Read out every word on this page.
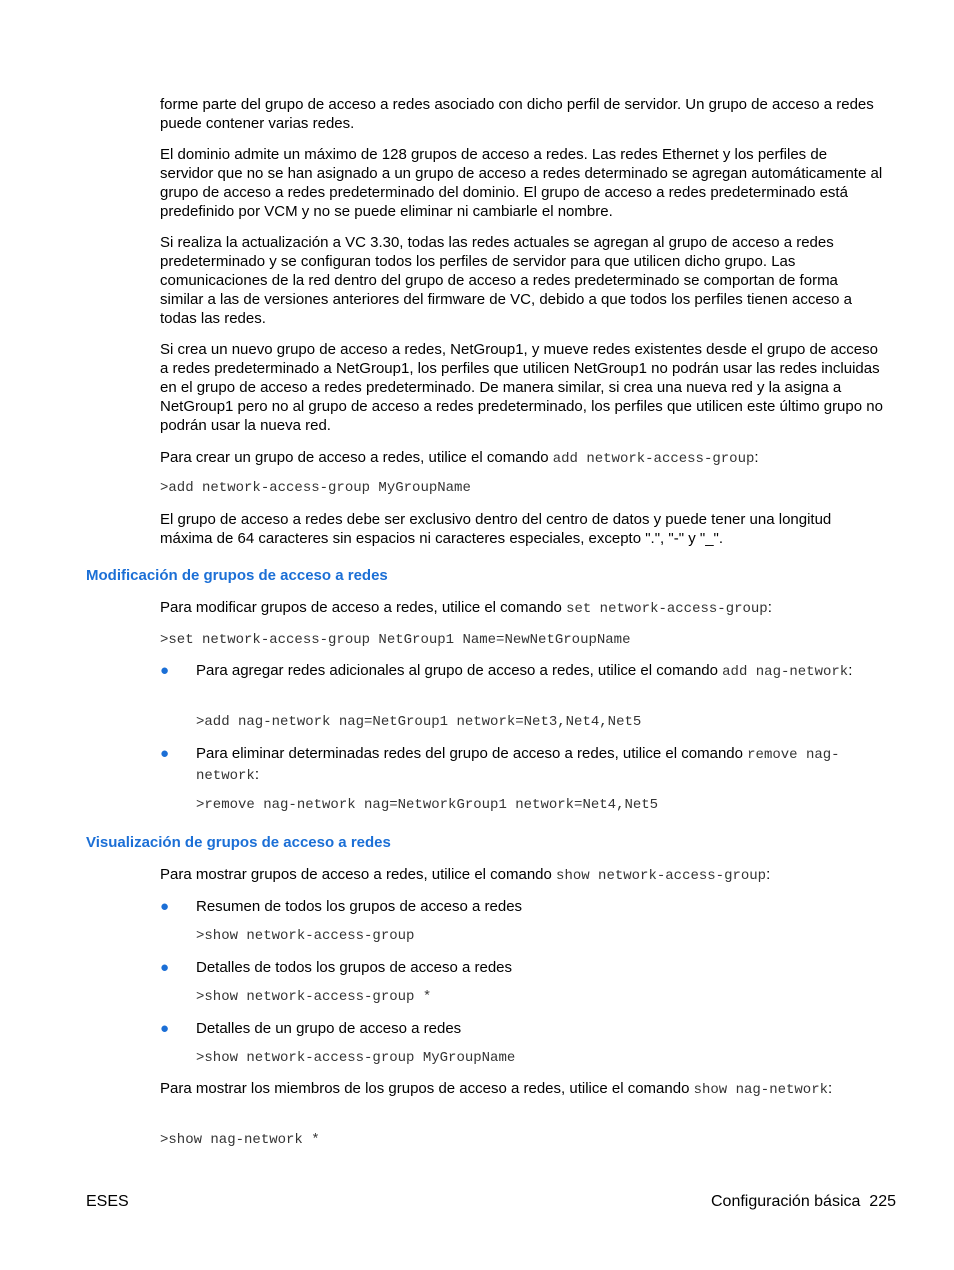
forme parte del grupo de acceso a redes asociado con dicho perfil de servidor. Un grupo de acceso a redes puede contener varias redes.

El dominio admite un máximo de 128 grupos de acceso a redes. Las redes Ethernet y los perfiles de servidor que no se han asignado a un grupo de acceso a redes determinado se agregan automáticamente al grupo de acceso a redes predeterminado del dominio. El grupo de acceso a redes predeterminado está predefinido por VCM y no se puede eliminar ni cambiarle el nombre.

Si realiza la actualización a VC 3.30, todas las redes actuales se agregan al grupo de acceso a redes predeterminado y se configuran todos los perfiles de servidor para que utilicen dicho grupo. Las comunicaciones de la red dentro del grupo de acceso a redes predeterminado se comportan de forma similar a las de versiones anteriores del firmware de VC, debido a que todos los perfiles tienen acceso a todas las redes.

Si crea un nuevo grupo de acceso a redes, NetGroup1, y mueve redes existentes desde el grupo de acceso a redes predeterminado a NetGroup1, los perfiles que utilicen NetGroup1 no podrán usar las redes incluidas en el grupo de acceso a redes predeterminado. De manera similar, si crea una nueva red y la asigna a NetGroup1 pero no al grupo de acceso a redes predeterminado, los perfiles que utilicen este último grupo no podrán usar la nueva red.

Para crear un grupo de acceso a redes, utilice el comando add network-access-group:

>add network-access-group MyGroupName

El grupo de acceso a redes debe ser exclusivo dentro del centro de datos y puede tener una longitud máxima de 64 caracteres sin espacios ni caracteres especiales, excepto ".", "-" y "_".

Modificación de grupos de acceso a redes

Para modificar grupos de acceso a redes, utilice el comando set network-access-group:

>set network-access-group NetGroup1 Name=NewNetGroupName
●	Para agregar redes adicionales al grupo de acceso a redes, utilice el comando add nag-network:

>add nag-network nag=NetGroup1 network=Net3,Net4,Net5
●	Para eliminar determinadas redes del grupo de acceso a redes, utilice el comando remove nag-network:

>remove nag-network nag=NetworkGroup1 network=Net4,Net5
Visualización de grupos de acceso a redes

Para mostrar grupos de acceso a redes, utilice el comando show network-access-group:

●	Resumen de todos los grupos de acceso a redes

>show network-access-group
●	Detalles de todos los grupos de acceso a redes

>show network-access-group *
●	Detalles de un grupo de acceso a redes

>show network-access-group MyGroupName

Para mostrar los miembros de los grupos de acceso a redes, utilice el comando show nag-network:

>show nag-network *
ESES	Configuración básica 225
